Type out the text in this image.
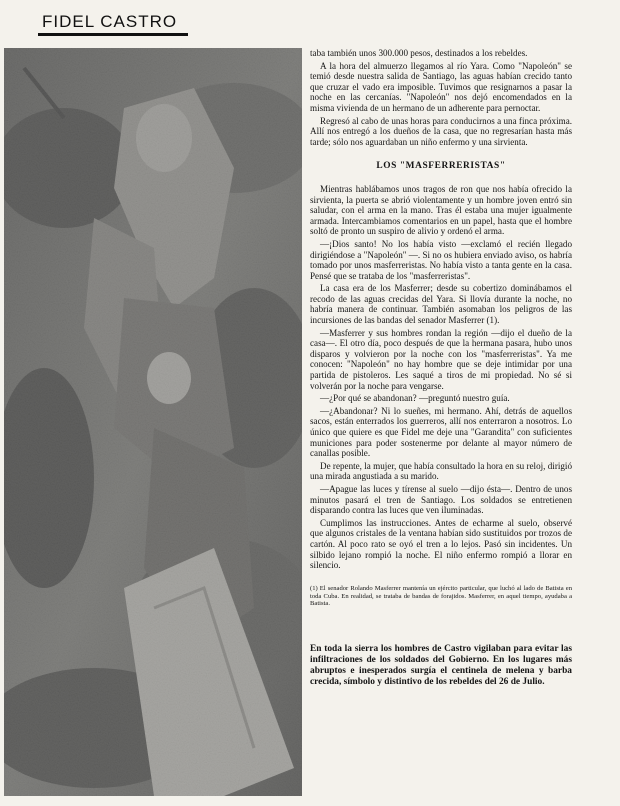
FIDEL CASTRO

taba también unos 300.000 pesos, destinados a los rebeldes.

A la hora del almuerzo llegamos al río Yara. Como "Napoleón" se temió desde nuestra salida de Santiago, las aguas habían crecido tanto que cruzar el vado era imposible. Tuvimos que resignarnos a pasar la noche en las cercanías. "Napoleón" nos dejó encomendados en la misma vivienda de un hermano de un adherente para pernoctar.

Regresó al cabo de unas horas para conducirnos a una finca próxima. Allí nos entregó a los dueños de la casa, que no regresarían hasta más tarde; sólo nos aguardaban un niño enfermo y una sirvienta.

LOS "MASFERRERISTAS"

Mientras hablábamos unos tragos de ron que nos había ofrecido la sirvienta, la puerta se abrió violentamente y un hombre joven entró sin saludar, con el arma en la mano. Tras él estaba una mujer igualmente armada. Intercambiamos comentarios en un papel, hasta que el hombre soltó de pronto un suspiro de alivio y ordenó el arma.

—¡Dios santo! No los había visto —exclamó el recién llegado dirigiéndose a "Napoleón" —. Si no os hubiera enviado aviso, os habría tomado por unos masferreristas. No había visto a tanta gente en la casa. Pensé que se trataba de los "masferreristas".

La casa era de los Masferrer; desde su cobertizo dominábamos el recodo de las aguas crecidas del Yara. Si llovía durante la noche, no habría manera de continuar. También asomaban los peligros de las incursiones de las bandas del senador Masferrer (1).

—Masferrer y sus hombres rondan la región —dijo el dueño de la casa—. El otro día, poco después de que la hermana pasara, hubo unos disparos y volvieron por la noche con los "masferreristas". Ya me conocen: "Napoleón" no hay hombre que se deje intimidar por una partida de pistoleros. Les saqué a tiros de mi propiedad. No sé si volverán por la noche para vengarse.

—¿Por qué se abandonan? —preguntó nuestro guía.

—¿Abandonar? Ni lo sueñes, mi hermano. Ahí, detrás de aquellos sacos, están enterrados los guerreros, allí nos enterraron a nosotros. Lo único que quiere es que Fidel me deje una "Garandita" con suficientes municiones para poder sostenerme por delante al mayor número de canallas posible.

De repente, la mujer, que había consultado la hora en su reloj, dirigió una mirada angustiada a su marido.

—Apague las luces y tírense al suelo —dijo ésta—. Dentro de unos minutos pasará el tren de Santiago. Los soldados se entretienen disparando contra las luces que ven iluminadas.

Cumplimos las instrucciones. Antes de echarme al suelo, observé que algunos cristales de la ventana habían sido sustituidos por trozos de cartón. Al poco rato se oyó el tren a lo lejos. Pasó sin incidentes. Un silbido lejano rompió la noche. El niño enfermo rompió a llorar en silencio.

(1) El senador Rolando Masferrer mantenía un ejército particular, que luchó al lado de Batista en toda Cuba. En realidad, se trataba de bandas de forajidos. Masferrer, en aquel tiempo, ayudaba a Batista.

En toda la sierra los hombres de Castro vigilaban para evitar las infiltraciones de los soldados del Gobierno. En los lugares más abruptos e inesperados surgía el centinela de melena y barba crecida, símbolo y distintivo de los rebeldes del 26 de Julio.
